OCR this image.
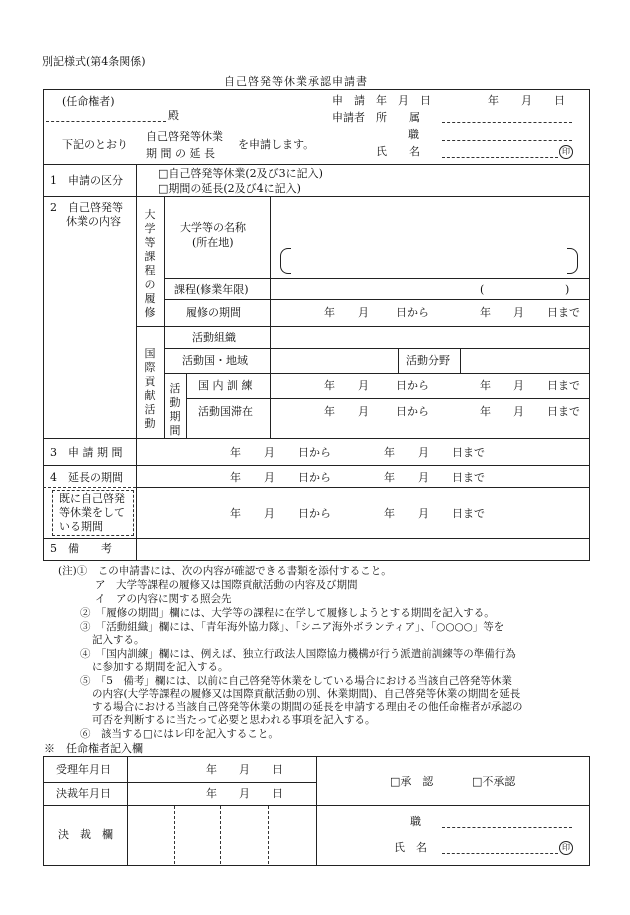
別記様式(第4条関係)
自己啓発等休業承認申請書
(任命権者)
殿
申　請　年　月　日	年　　月　　日
申請者　所　　属
職
氏　　名	印
下記のとおり
自己啓発等休業
期 間 の 延 長
を申請します。
1　申請の区分
□自己啓発等休業(2及び3に記入)
□期間の延長(2及び4に記入)
2　自己啓発等
休業の内容
大学等課程の履修
大学等の名称
(所在地)
課程(修業年限)	(	)
履修の期間	年 月 日から	年 月 日まで
国際貢献活動
活動組織
活動国・地域	活動分野
活動期間
国 内 訓 練	年 月 日から	年 月 日まで
活動国滞在	年 月 日から	年 月 日まで
3　申 請 期 間	年 月 日から	年 月 日まで
4　延長の期間	年 月 日から	年 月 日まで
既に自己啓発
等休業をして
いる期間
年 月 日から	年 月 日まで
5　備　　考
(注)①　この申請書には、次の内容が確認できる書類を添付すること。
ア　大学等課程の履修又は国際貢献活動の内容及び期間
イ　アの内容に関する照会先
②　「履修の期間」欄には、大学等の課程に在学して履修しようとする期間を記入する。
③　「活動組織」欄には、「青年海外協力隊」、「シニア海外ボランティア」、「○○○○」等を
記入する。
④　「国内訓練」欄には、例えば、独立行政法人国際協力機構が行う派遣前訓練等の準備行為
に参加する期間を記入する。
⑤　「5　備考」欄には、以前に自己啓発等休業をしている場合における当該自己啓発等休業
の内容(大学等課程の履修又は国際貢献活動の別、休業期間)、自己啓発等休業の期間を延長
する場合における当該自己啓発等休業の期間の延長を申請する理由その他任命権者が承認の
可否を判断するに当たって必要と思われる事項を記入する。
⑥　該当する□にはレ印を記入すること。
※　任命権者記入欄
受理年月日	年　　月　　日
決裁年月日	年　　月　　日
□承　認	□不承認
決　裁　欄
職
氏　名	印
